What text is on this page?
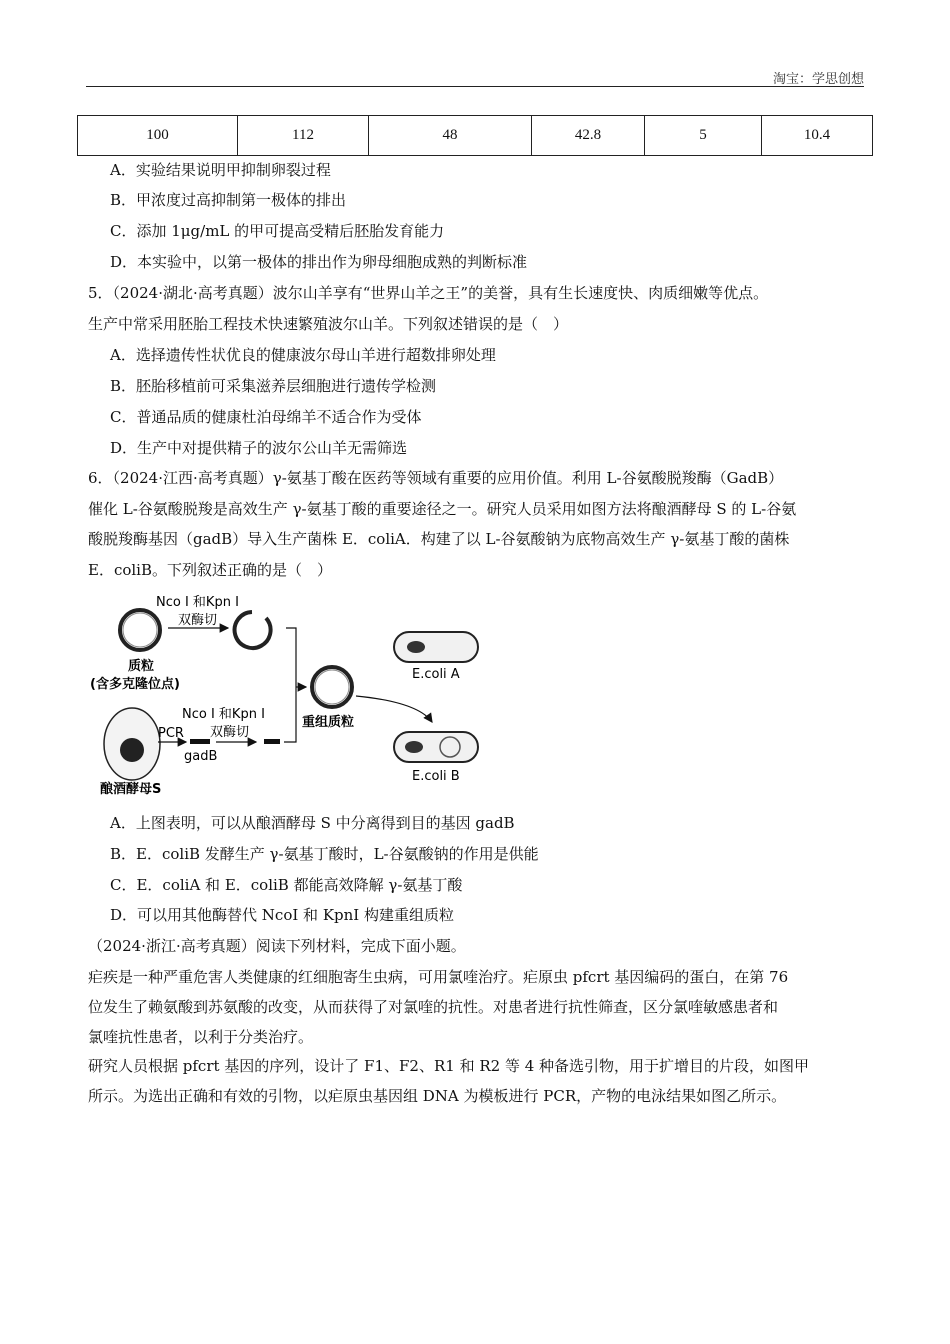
淘宝：学思创想
100	112	48	42.8	5	10.4
A．实验结果说明甲抑制卵裂过程
B．甲浓度过高抑制第一极体的排出
C．添加 1μg/mL 的甲可提高受精后胚胎发育能力
D．本实验中，以第一极体的排出作为卵母细胞成熟的判断标准
5．（2024·湖北·高考真题）波尔山羊享有“世界山羊之王”的美誉，具有生长速度快、肉质细嫩等优点。
生产中常采用胚胎工程技术快速繁殖波尔山羊。下列叙述错误的是（　）
A．选择遗传性状优良的健康波尔母山羊进行超数排卵处理
B．胚胎移植前可采集滋养层细胞进行遗传学检测
C．普通品质的健康杜泊母绵羊不适合作为受体
D．生产中对提供精子的波尔公山羊无需筛选
6．（2024·江西·高考真题）γ-氨基丁酸在医药等领域有重要的应用价值。利用 L-谷氨酸脱羧酶（GadB）
催化 L-谷氨酸脱羧是高效生产 γ-氨基丁酸的重要途径之一。研究人员采用如图方法将酿酒酵母 S 的 L-谷氨
酸脱羧酶基因（gadB）导入生产菌株 E．coliA．构建了以 L-谷氨酸钠为底物高效生产 γ-氨基丁酸的菌株
E．coliB。下列叙述正确的是（　）
Nco Ⅰ 和Kpn Ⅰ
双酶切
质粒
(含多克隆位点)
酿酒酵母S
PCR
gadB
Nco Ⅰ 和Kpn Ⅰ
双酶切
重组质粒
E.coli A
E.coli B
A．上图表明，可以从酿酒酵母 S 中分离得到目的基因 gadB
B．E．coliB 发酵生产 γ-氨基丁酸时，L-谷氨酸钠的作用是供能
C．E．coliA 和 E．coliB 都能高效降解 γ-氨基丁酸
D．可以用其他酶替代 NcoⅠ 和 KpnⅠ 构建重组质粒
（2024·浙江·高考真题）阅读下列材料，完成下面小题。
疟疾是一种严重危害人类健康的红细胞寄生虫病，可用氯喹治疗。疟原虫 pfcrt 基因编码的蛋白，在第 76
位发生了赖氨酸到苏氨酸的改变，从而获得了对氯喹的抗性。对患者进行抗性筛查，区分氯喹敏感患者和
氯喹抗性患者，以利于分类治疗。
研究人员根据 pfcrt 基因的序列，设计了 F1、F2、R1 和 R2 等 4 种备选引物，用于扩增目的片段，如图甲
所示。为选出正确和有效的引物，以疟原虫基因组 DNA 为模板进行 PCR，产物的电泳结果如图乙所示。
